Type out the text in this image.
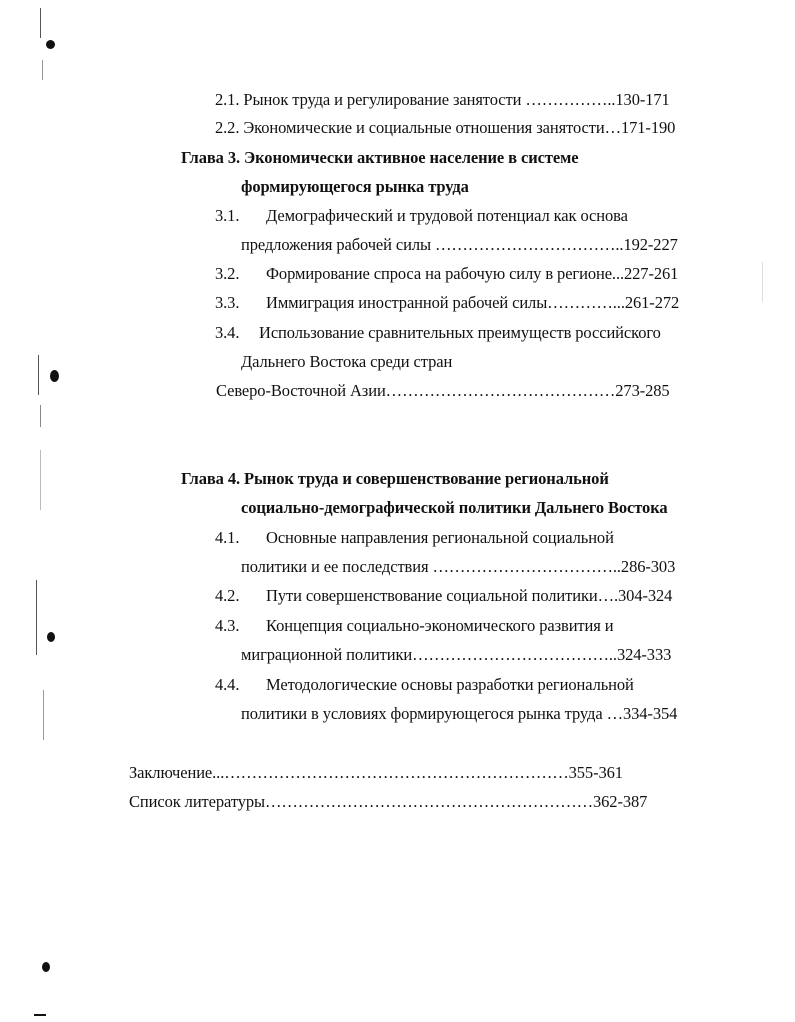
2.1. Рынок труда и регулирование занятости ……………..130-171
2.2. Экономические и социальные отношения занятости…171-190
Глава 3. Экономически активное население в системе
формирующегося рынка труда
3.1. Демографический и трудовой потенциал как основа
предложения рабочей силы ……………………………..192-227
3.2. Формирование спроса на рабочую силу в регионе...227-261
3.3. Иммиграция иностранной рабочей силы…………...261-272
3.4. Использование сравнительных преимуществ российского
Дальнего Востока среди стран
Северо-Восточной Азии……………………………………273-285
Глава 4. Рынок труда и совершенствование региональной
социально-демографической политики Дальнего Востока
4.1. Основные направления региональной социальной
политики и ее последствия ……………………………..286-303
4.2. Пути совершенствование социальной политики….304-324
4.3. Концепция социально-экономического развития и
миграционной политики………………………………..324-333
4.4. Методологические основы разработки региональной
политики в условиях формирующегося рынка труда …334-354
Заключение...………………………………………………………355-361
Список литературы……………………………………………………362-387
